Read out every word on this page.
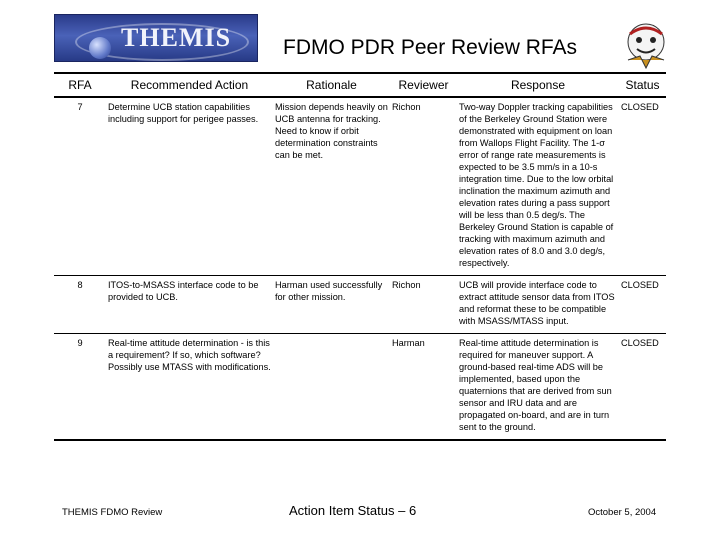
THEMIS FDMO PDR Peer Review RFAs
RFA	Recommended Action	Rationale	Reviewer	Response	Status
7	Determine UCB station capabilities including support for perigee passes.	Mission depends heavily on UCB antenna for tracking. Need to know if orbit determination constraints can be met.	Richon	Two-way Doppler tracking capabilities of the Berkeley Ground Station were demonstrated with equipment on loan from Wallops Flight Facility. The 1-σ error of range rate measurements is expected to be 3.5 mm/s in a 10-s integration time. Due to the low orbital inclination the maximum azimuth and elevation rates during a pass support will be less than 0.5 deg/s. The Berkeley Ground Station is capable of tracking with maximum azimuth and elevation rates of 8.0 and 3.0 deg/s, respectively.	CLOSED
8	ITOS-to-MSASS interface code to be provided to UCB.	Harman used successfully for other mission.	Richon	UCB will provide interface code to extract attitude sensor data from ITOS and reformat these to be compatible with MSASS/MTASS input.	CLOSED
9	Real-time attitude determination - is this a requirement? If so, which software? Possibly use MTASS with modifications.		Harman	Real-time attitude determination is required for maneuver support. A ground-based real-time ADS will be implemented, based upon the quaternions that are derived from sun sensor and IRU data and are propagated on-board, and are in turn sent to the ground.	CLOSED
THEMIS FDMO Review	Action Item Status – 6	October 5, 2004
